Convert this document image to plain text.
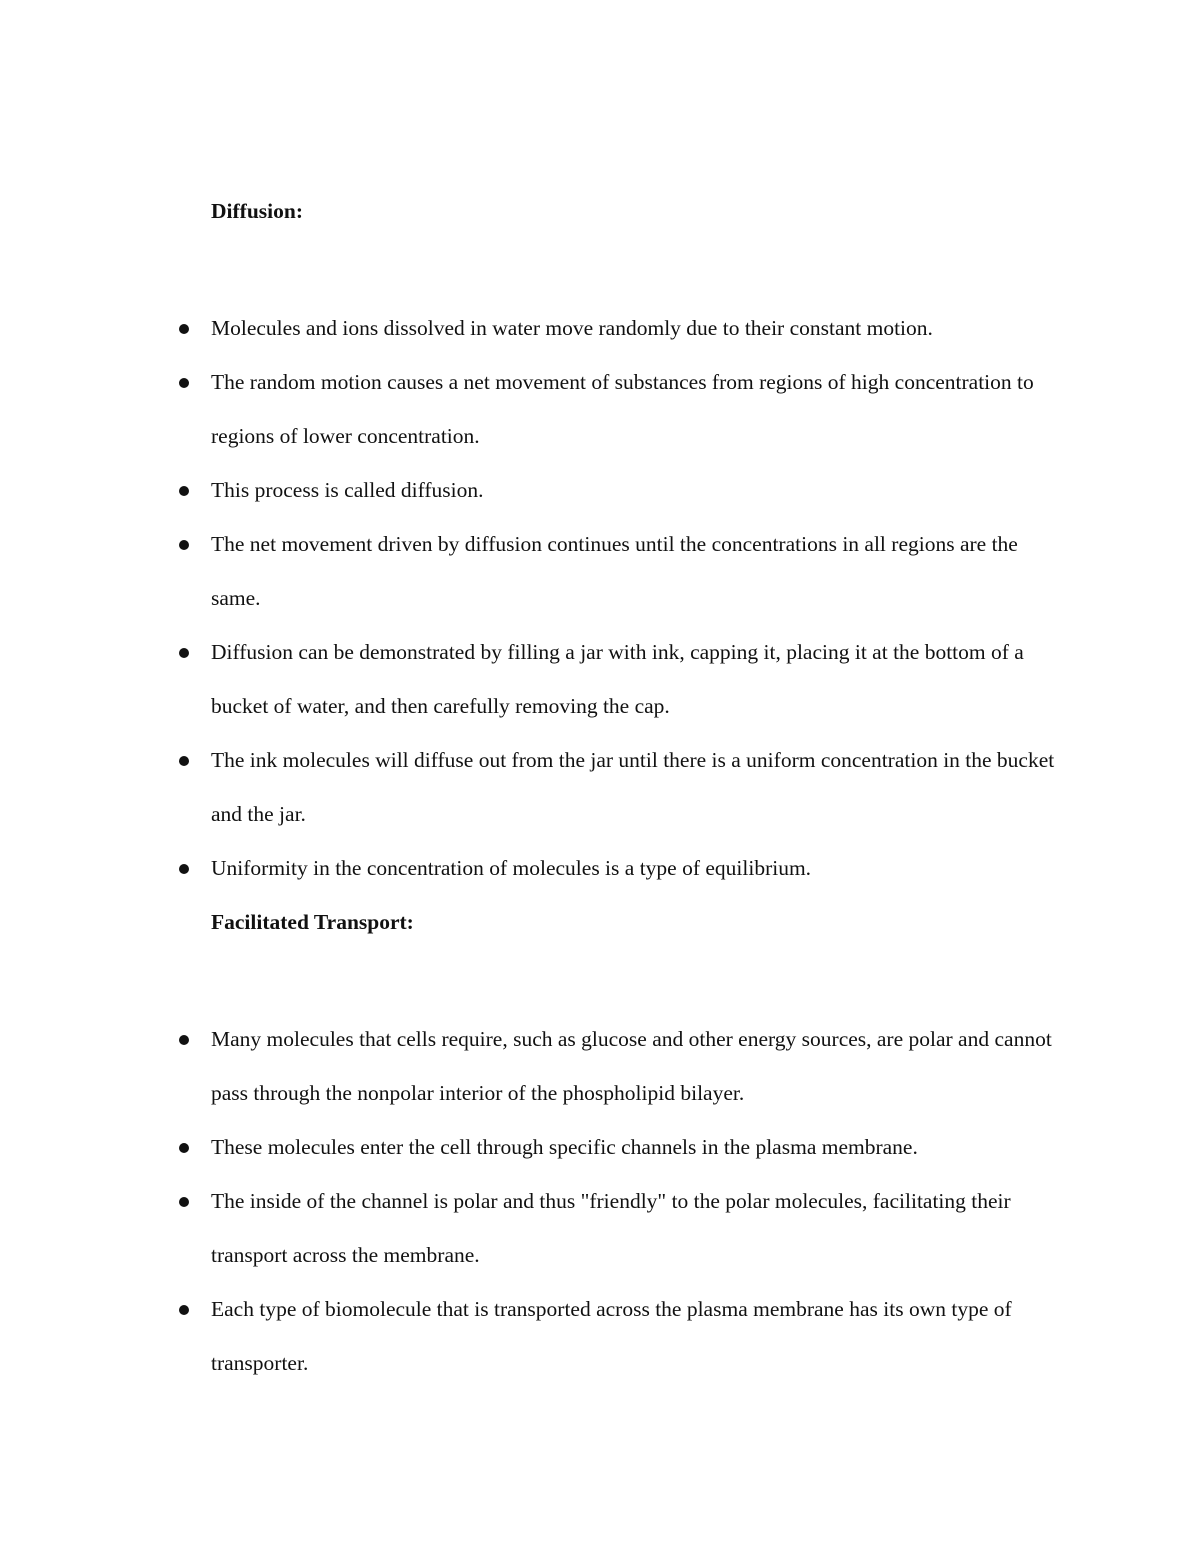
Diffusion:

Molecules and ions dissolved in water move randomly due to their constant motion.
The random motion causes a net movement of substances from regions of high concentration to regions of lower concentration.
This process is called diffusion.
The net movement driven by diffusion continues until the concentrations in all regions are the same.
Diffusion can be demonstrated by filling a jar with ink, capping it, placing it at the bottom of a bucket of water, and then carefully removing the cap.
The ink molecules will diffuse out from the jar until there is a uniform concentration in the bucket and the jar.
Uniformity in the concentration of molecules is a type of equilibrium.

Facilitated Transport:

Many molecules that cells require, such as glucose and other energy sources, are polar and cannot pass through the nonpolar interior of the phospholipid bilayer.
These molecules enter the cell through specific channels in the plasma membrane.
The inside of the channel is polar and thus "friendly" to the polar molecules, facilitating their transport across the membrane.
Each type of biomolecule that is transported across the plasma membrane has its own type of transporter.
